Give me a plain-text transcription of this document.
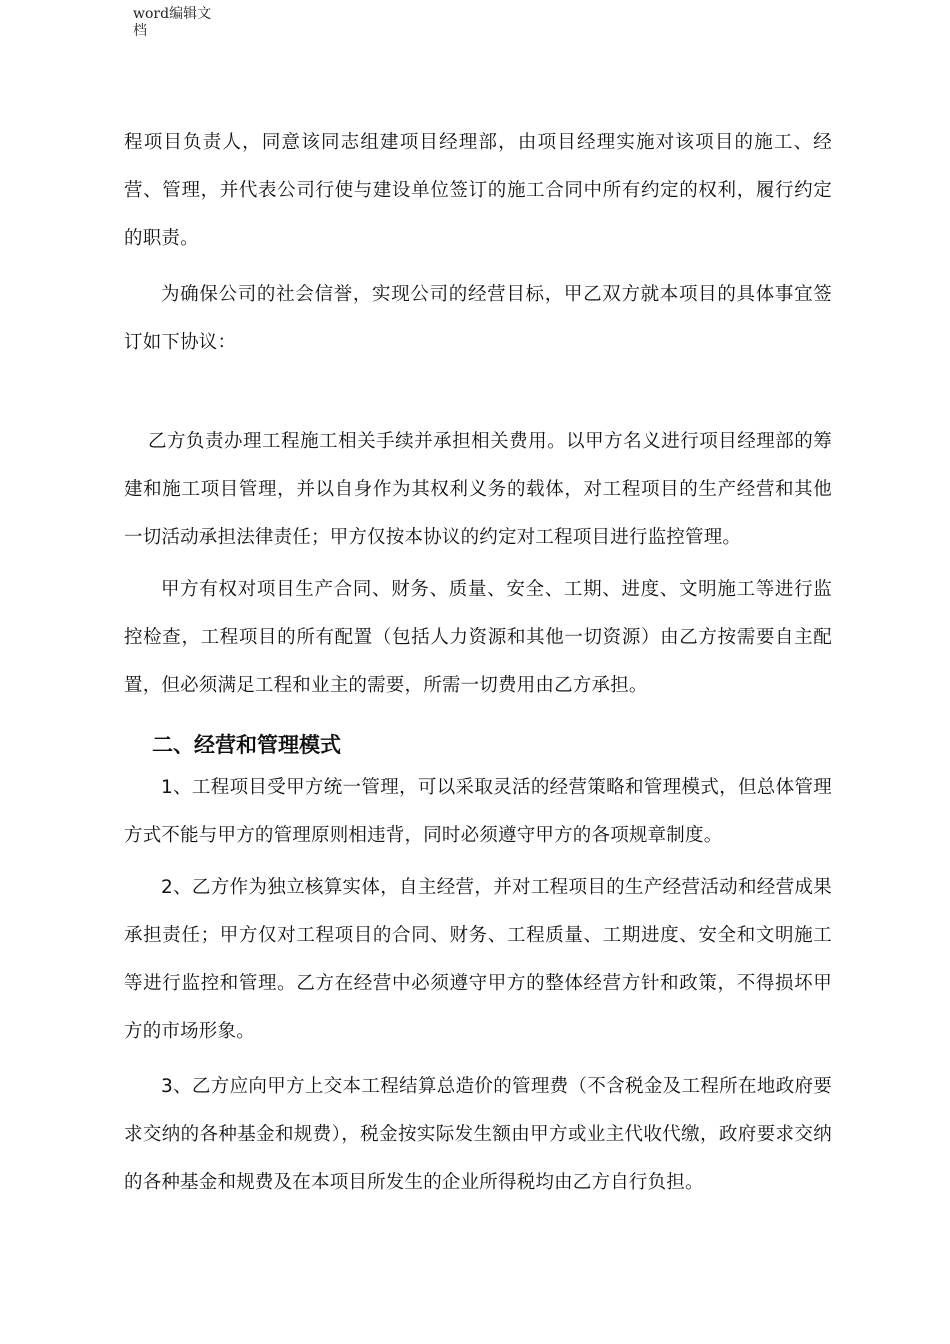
word编辑文
档

程项目负责人，同意该同志组建项目经理部，由项目经理实施对该项目的施工、经营、管理，并代表公司行使与建设单位签订的施工合同中所有约定的权利，履行约定的职责。

为确保公司的社会信誉，实现公司的经营目标，甲乙双方就本项目的具体事宜签订如下协议：

乙方负责办理工程施工相关手续并承担相关费用。以甲方名义进行项目经理部的筹建和施工项目管理，并以自身作为其权利义务的载体，对工程项目的生产经营和其他一切活动承担法律责任；甲方仅按本协议的约定对工程项目进行监控管理。

甲方有权对项目生产合同、财务、质量、安全、工期、进度、文明施工等进行监控检查，工程项目的所有配置（包括人力资源和其他一切资源）由乙方按需要自主配置，但必须满足工程和业主的需要，所需一切费用由乙方承担。

二、经营和管理模式

1、工程项目受甲方统一管理，可以采取灵活的经营策略和管理模式，但总体管理方式不能与甲方的管理原则相违背，同时必须遵守甲方的各项规章制度。

2、乙方作为独立核算实体，自主经营，并对工程项目的生产经营活动和经营成果承担责任；甲方仅对工程项目的合同、财务、工程质量、工期进度、安全和文明施工等进行监控和管理。乙方在经营中必须遵守甲方的整体经营方针和政策，不得损坏甲方的市场形象。

3、乙方应向甲方上交本工程结算总造价的管理费（不含税金及工程所在地政府要求交纳的各种基金和规费），税金按实际发生额由甲方或业主代收代缴，政府要求交纳的各种基金和规费及在本项目所发生的企业所得税均由乙方自行负担。
